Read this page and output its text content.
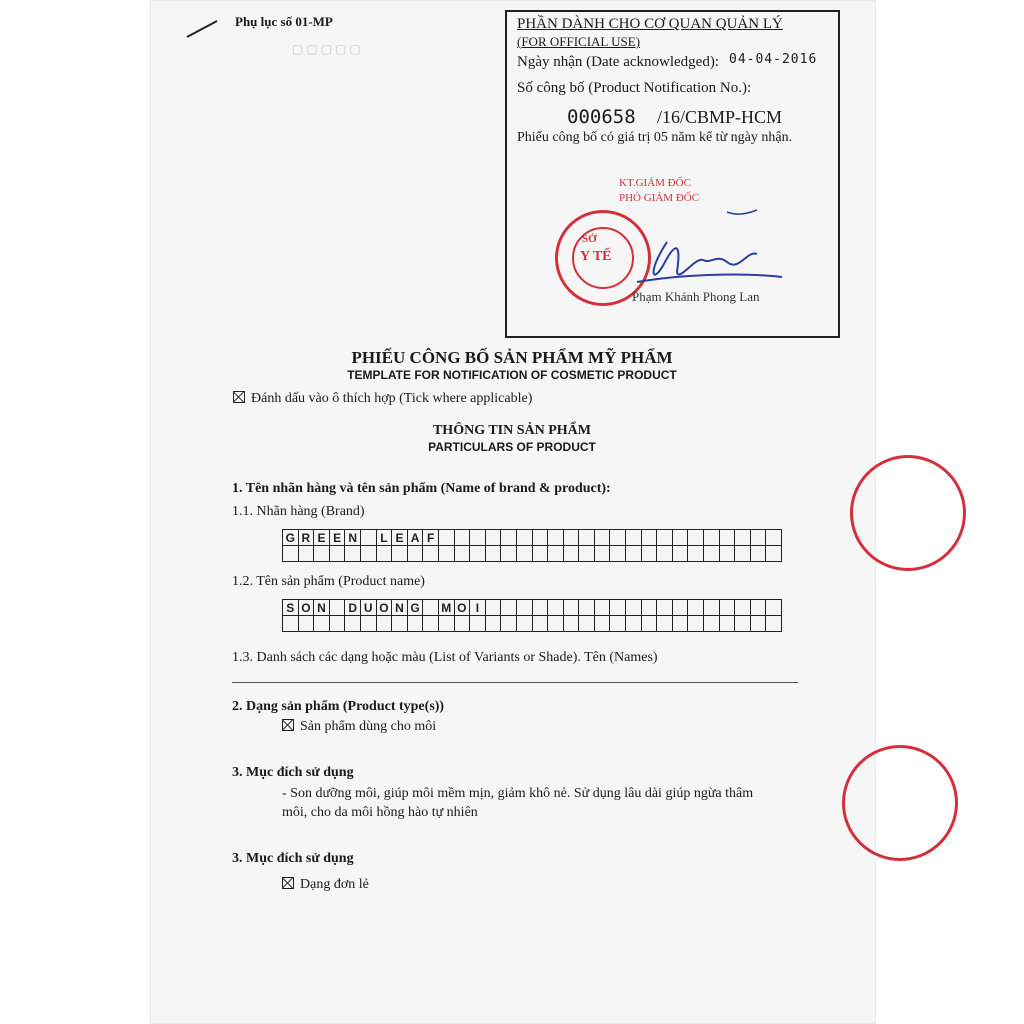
Phụ lục số 01-MP
▢ ▢ ▢ ▢ ▢
PHẦN DÀNH CHO CƠ QUAN QUẢN LÝ
(FOR OFFICIAL USE)
Ngày nhận (Date acknowledged): 04-04-2016
Số công bố (Product Notification No.):
000658 /16/CBMP-HCM
Phiếu công bố có giá trị 05 năm kể từ ngày nhận.
KT.GIÁM ĐỐC
PHÓ GIÁM ĐỐC
SỞ
Y TẾ
Phạm Khánh Phong Lan
PHIẾU CÔNG BỐ SẢN PHẨM MỸ PHẨM
TEMPLATE FOR NOTIFICATION OF COSMETIC PRODUCT
Đánh dấu vào ô thích hợp (Tick where applicable)
THÔNG TIN SẢN PHẨM
PARTICULARS OF PRODUCT
1. Tên nhãn hàng và tên sản phẩm (Name of brand & product):
1.1. Nhãn hàng (Brand)
G	R	E	E	N		L	E	A	F																						

1.2. Tên sản phẩm (Product name)
S	O	N		D	U	O	N	G		M	O	I																			

1.3. Danh sách các dạng hoặc màu (List of Variants or Shade). Tên (Names)
2. Dạng sản phẩm (Product type(s))
Sản phẩm dùng cho môi
3. Mục đích sử dụng
- Son dưỡng môi, giúp môi mềm mịn, giảm khô nẻ. Sử dụng lâu dài giúp ngừa thâm
môi, cho da môi hồng hào tự nhiên
3. Mục đích sử dụng
Dạng đơn lẻ
